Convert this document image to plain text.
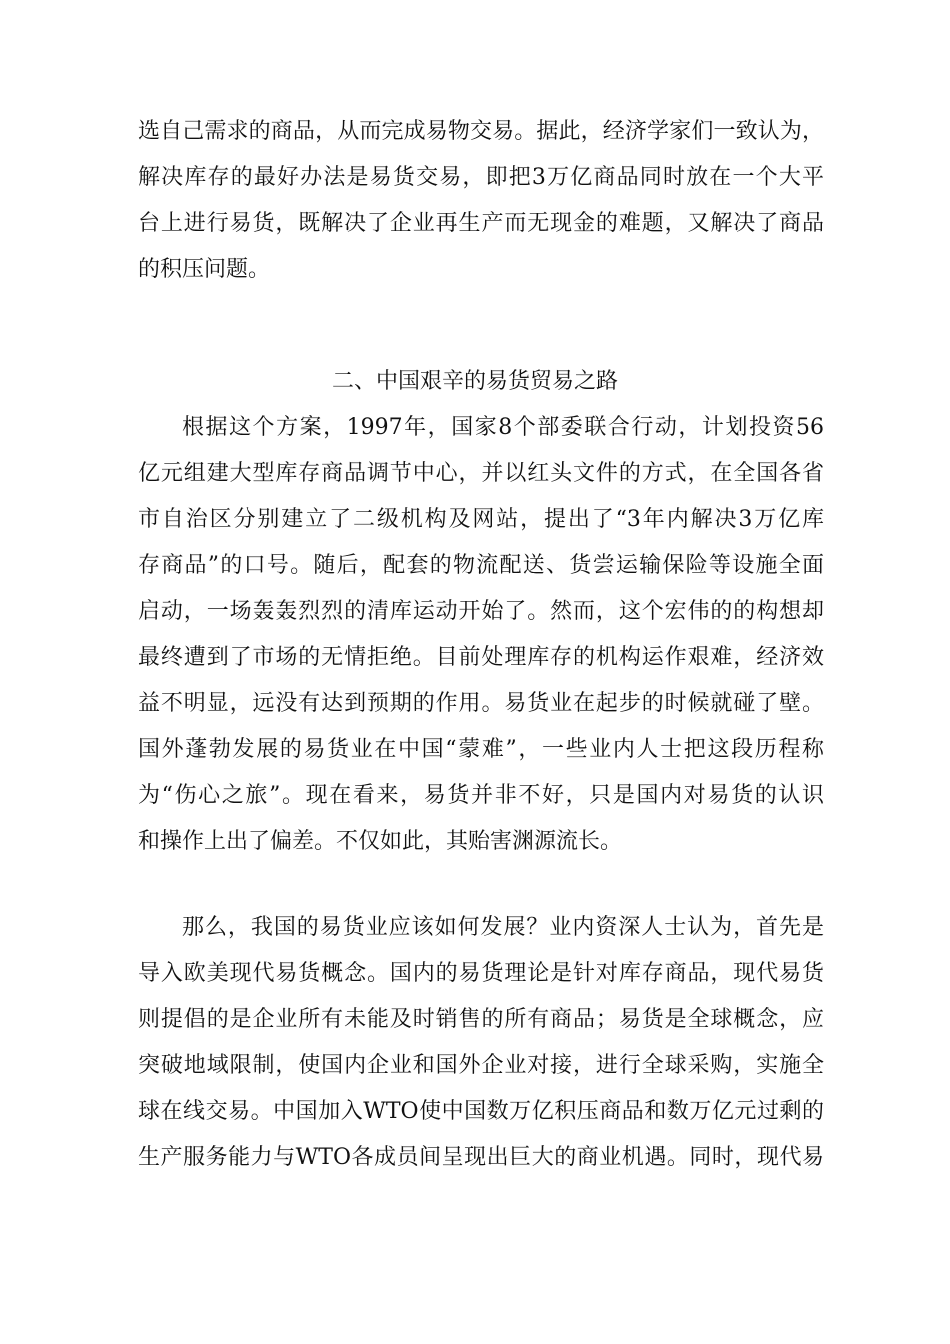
选自己需求的商品，从而完成易物交易。据此，经济学家们一致认为，
解决库存的最好办法是易货交易，即把3万亿商品同时放在一个大平
台上进行易货，既解决了企业再生产而无现金的难题，又解决了商品
的积压问题。
二、中国艰辛的易货贸易之路
根据这个方案，1997年，国家8个部委联合行动，计划投资56
亿元组建大型库存商品调节中心，并以红头文件的方式，在全国各省
市自治区分别建立了二级机构及网站，提出了“3年内解决3万亿库
存商品”的口号。随后，配套的物流配送、货尝运输保险等设施全面
启动，一场轰轰烈烈的清库运动开始了。然而，这个宏伟的的构想却
最终遭到了市场的无情拒绝。目前处理库存的机构运作艰难，经济效
益不明显，远没有达到预期的作用。易货业在起步的时候就碰了壁。
国外蓬勃发展的易货业在中国“蒙难”，一些业内人士把这段历程称
为“伤心之旅”。现在看来，易货并非不好，只是国内对易货的认识
和操作上出了偏差。不仅如此，其贻害渊源流长。
那么，我国的易货业应该如何发展？业内资深人士认为，首先是
导入欧美现代易货概念。国内的易货理论是针对库存商品，现代易货
则提倡的是企业所有未能及时销售的所有商品；易货是全球概念，应
突破地域限制，使国内企业和国外企业对接，进行全球采购，实施全
球在线交易。中国加入WTO使中国数万亿积压商品和数万亿元过剩的
生产服务能力与WTO各成员间呈现出巨大的商业机遇。同时，现代易
